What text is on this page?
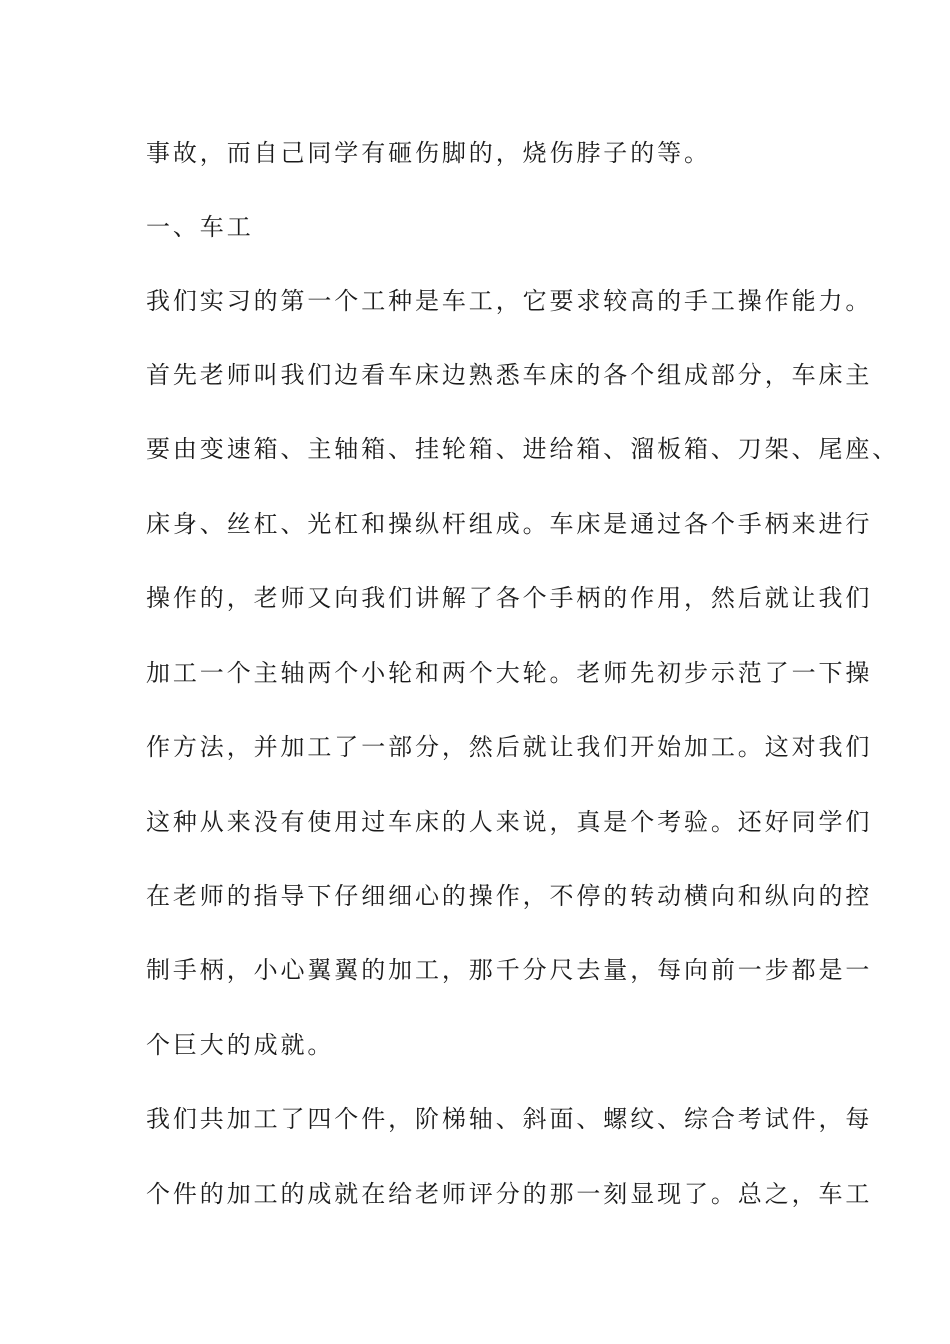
事故，而自己同学有砸伤脚的，烧伤脖子的等。
一、车工
我们实习的第一个工种是车工，它要求较高的手工操作能力。
首先老师叫我们边看车床边熟悉车床的各个组成部分，车床主
要由变速箱、主轴箱、挂轮箱、进给箱、溜板箱、刀架、尾座、
床身、丝杠、光杠和操纵杆组成。车床是通过各个手柄来进行
操作的，老师又向我们讲解了各个手柄的作用，然后就让我们
加工一个主轴两个小轮和两个大轮。老师先初步示范了一下操
作方法，并加工了一部分，然后就让我们开始加工。这对我们
这种从来没有使用过车床的人来说，真是个考验。还好同学们
在老师的指导下仔细细心的操作，不停的转动横向和纵向的控
制手柄，小心翼翼的加工，那千分尺去量，每向前一步都是一
个巨大的成就。
我们共加工了四个件，阶梯轴、斜面、螺纹、综合考试件，每
个件的加工的成就在给老师评分的那一刻显现了。总之，车工
